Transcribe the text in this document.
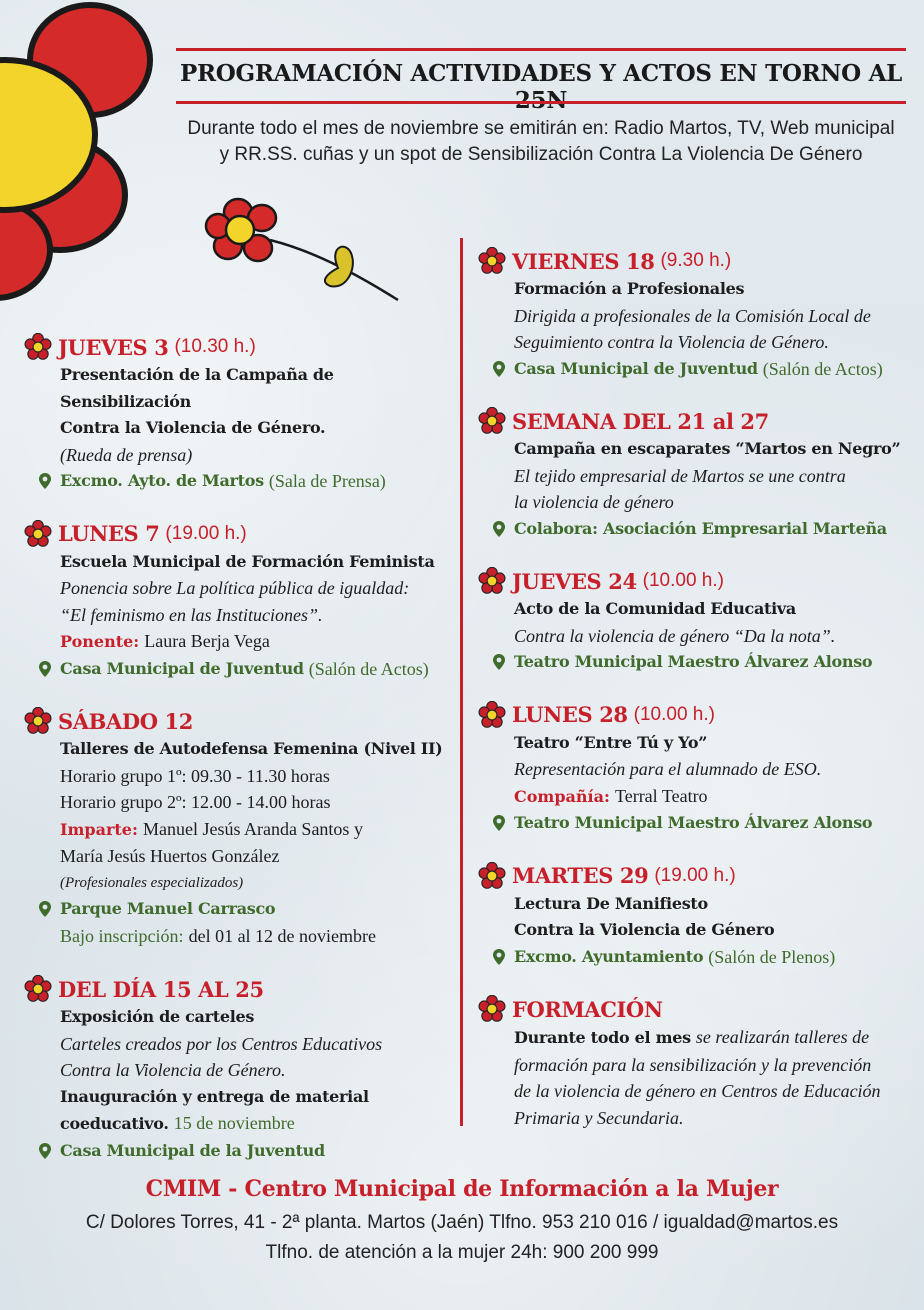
PROGRAMACIÓN ACTIVIDADES Y ACTOS EN TORNO AL
Durante todo el mes de noviembre se emitirán en: Radio Martos, TV, Web municipal
y RR.SS. cuñas y un spot de Sensibilización Contra La Violencia De Género
JUEVES 3 (10.30 h.)
Presentación de la Campaña de Sensibilización
Contra la Violencia de Género.
(Rueda de prensa)
Excmo. Ayto. de Martos (Sala de Prensa)
LUNES 7 (19.00 h.)
Escuela Municipal de Formación Feminista
Ponencia sobre La política pública de igualdad:
“El feminismo en las Instituciones”.
Ponente: Laura Berja Vega
Casa Municipal de Juventud (Salón de Actos)
SÁBADO 12
Talleres de Autodefensa Femenina (Nivel II)
Horario grupo 1º: 09.30 - 11.30 horas
Horario grupo 2º: 12.00 - 14.00 horas
Imparte: Manuel Jesús Aranda Santos y
María Jesús Huertos González
(Profesionales especializados)
Parque Manuel Carrasco
Bajo inscripción: del 01 al 12 de noviembre
DEL DÍA 15 AL 25
Exposición de carteles
Carteles creados por los Centros Educativos
Contra la Violencia de Género.
Inauguración y entrega de material
coeducativo. 15 de noviembre
Casa Municipal de la Juventud
VIERNES 18 (9.30 h.)
Formación a Profesionales
Dirigida a profesionales de la Comisión Local de
Seguimiento contra la Violencia de Género.
Casa Municipal de Juventud (Salón de Actos)
SEMANA DEL 21 al 27
Campaña en escaparates “Martos en Negro”
El tejido empresarial de Martos se une contra
la violencia de género
Colabora: Asociación Empresarial Marteña
JUEVES 24 (10.00 h.)
Acto de la Comunidad Educativa
Contra la violencia de género “Da la nota”.
Teatro Municipal Maestro Álvarez Alonso
LUNES 28 (10.00 h.)
Teatro “Entre Tú y Yo”
Representación para el alumnado de ESO.
Compañía: Terral Teatro
Teatro Municipal Maestro Álvarez Alonso
MARTES 29 (19.00 h.)
Lectura De Manifiesto
Contra la Violencia de Género
Excmo. Ayuntamiento (Salón de Plenos)
FORMACIÓN
Durante todo el mes se realizarán talleres de
formación para la sensibilización y la prevención
de la violencia de género en Centros de Educación
Primaria y Secundaria.
CMIM - Centro Municipal de Información a la Mujer
C/ Dolores Torres, 41 - 2ª planta. Martos (Jaén) Tlfno. 953 210 016 / igualdad@martos.es
Tlfno. de atención a la mujer 24h: 900 200 999
